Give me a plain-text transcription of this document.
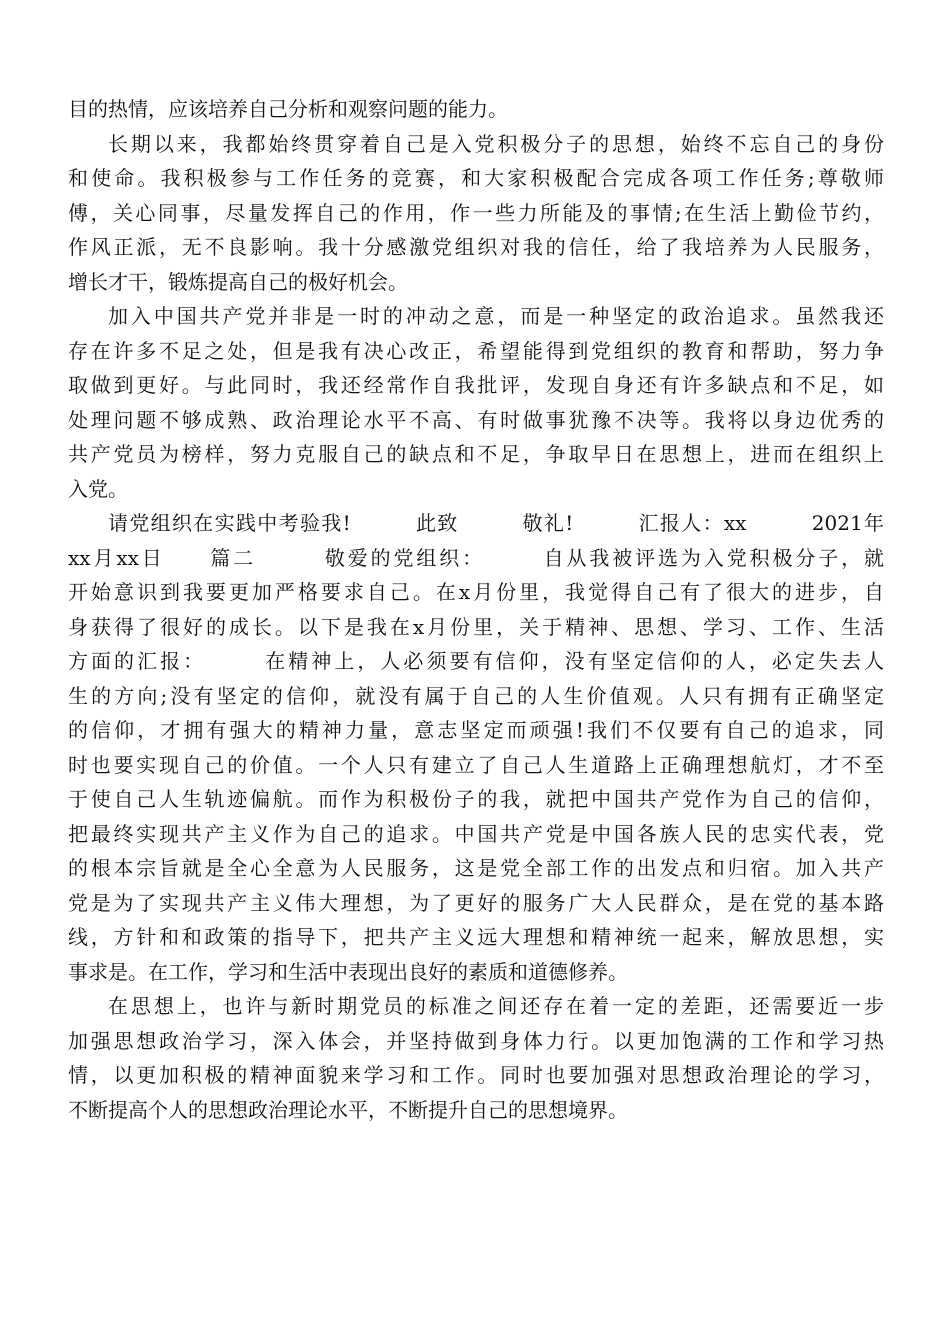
目的热情，应该培养自己分析和观察问题的能力。

长期以来，我都始终贯穿着自己是入党积极分子的思想，始终不忘自己的身份
和使命。我积极参与工作任务的竞赛，和大家积极配合完成各项工作任务;尊敬师
傅，关心同事，尽量发挥自己的作用，作一些力所能及的事情;在生活上勤俭节约，
作风正派，无不良影响。我十分感激党组织对我的信任，给了我培养为人民服务，
增长才干，锻炼提高自己的极好机会。

加入中国共产党并非是一时的冲动之意，而是一种坚定的政治追求。虽然我还
存在许多不足之处，但是我有决心改正，希望能得到党组织的教育和帮助，努力争
取做到更好。与此同时，我还经常作自我批评，发现自身还有许多缺点和不足，如
处理问题不够成熟、政治理论水平不高、有时做事犹豫不决等。我将以身边优秀的
共产党员为榜样，努力克服自己的缺点和不足，争取早日在思想上，进而在组织上
入党。

请党组织在实践中考验我!　　　此致　　　敬礼!　　　汇报人：xx　　　2021年
xx月xx日　　篇二　　　敬爱的党组织：　　　自从我被评选为入党积极分子，就
开始意识到我要更加严格要求自己。在x月份里，我觉得自己有了很大的进步，自
身获得了很好的成长。以下是我在x月份里，关于精神、思想、学习、工作、生活
方面的汇报：　　　在精神上，人必须要有信仰，没有坚定信仰的人，必定失去人
生的方向;没有坚定的信仰，就没有属于自己的人生价值观。人只有拥有正确坚定
的信仰，才拥有强大的精神力量，意志坚定而顽强!我们不仅要有自己的追求，同
时也要实现自己的价值。一个人只有建立了自己人生道路上正确理想航灯，才不至
于使自己人生轨迹偏航。而作为积极份子的我，就把中国共产党作为自己的信仰，
把最终实现共产主义作为自己的追求。中国共产党是中国各族人民的忠实代表，党
的根本宗旨就是全心全意为人民服务，这是党全部工作的出发点和归宿。加入共产
党是为了实现共产主义伟大理想，为了更好的服务广大人民群众，是在党的基本路
线，方针和和政策的指导下，把共产主义远大理想和精神统一起来，解放思想，实
事求是。在工作，学习和生活中表现出良好的素质和道德修养。

在思想上，也许与新时期党员的标准之间还存在着一定的差距，还需要近一步
加强思想政治学习，深入体会，并坚持做到身体力行。以更加饱满的工作和学习热
情，以更加积极的精神面貌来学习和工作。同时也要加强对思想政治理论的学习，
不断提高个人的思想政治理论水平，不断提升自己的思想境界。
